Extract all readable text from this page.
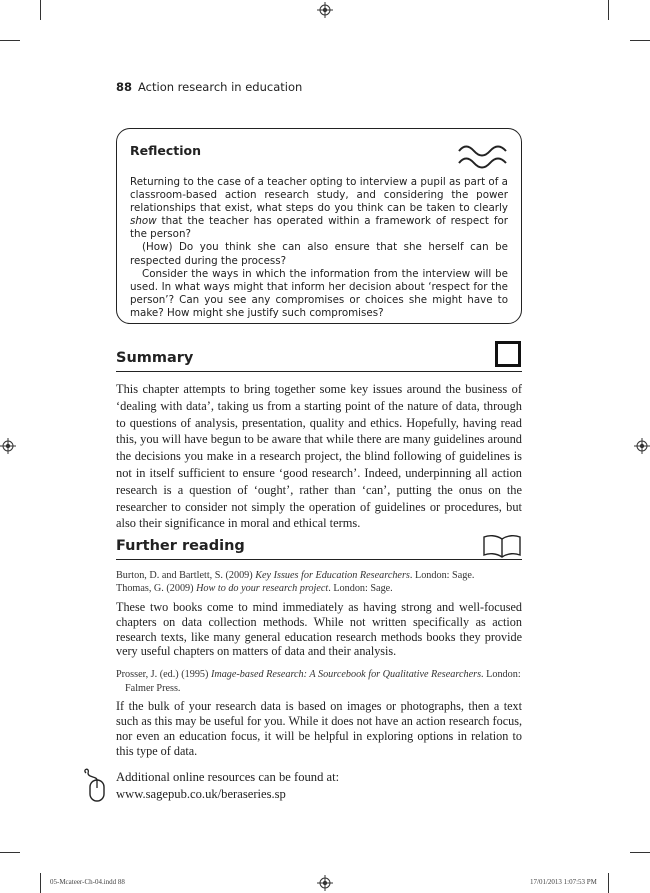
88 Action research in education
Reflection

Returning to the case of a teacher opting to interview a pupil as part of a classroom-based action research study, and considering the power relationships that exist, what steps do you think can be taken to clearly show that the teacher has operated within a framework of respect for the person?

(How) Do you think she can also ensure that she herself can be respected during the process?

Consider the ways in which the information from the interview will be used. In what ways might that inform her decision about ‘respect for the person’? Can you see any compromises or choices she might have to make? How might she justify such compromises?

Summary
This chapter attempts to bring together some key issues around the business of ‘dealing with data’, taking us from a starting point of the nature of data, through to questions of analysis, presentation, quality and ethics. Hopefully, having read this, you will have begun to be aware that while there are many guidelines around the decisions you make in a research project, the blind following of guidelines is not in itself sufficient to ensure ‘good research’. Indeed, underpinning all action research is a question of ‘ought’, rather than ‘can’, putting the onus on the researcher to consider not simply the operation of guidelines or procedures, but also their significance in moral and ethical terms.
Further reading
Burton, D. and Bartlett, S. (2009) Key Issues for Education Researchers. London: Sage.
Thomas, G. (2009) How to do your research project. London: Sage.
These two books come to mind immediately as having strong and well-focused chapters on data collection methods. While not written specifically as action research texts, like many general education research methods books they provide very useful chapters on matters of data and their analysis.
Prosser, J. (ed.) (1995) Image-based Research: A Sourcebook for Qualitative Researchers. London: Falmer Press.
If the bulk of your research data is based on images or photographs, then a text such as this may be useful for you. While it does not have an action research focus, nor even an education focus, it will be helpful in exploring options in relation to this type of data.
Additional online resources can be found at:
www.sagepub.co.uk/beraseries.sp
05-Mcateer-Ch-04.indd 88	17/01/2013 1:07:53 PM
